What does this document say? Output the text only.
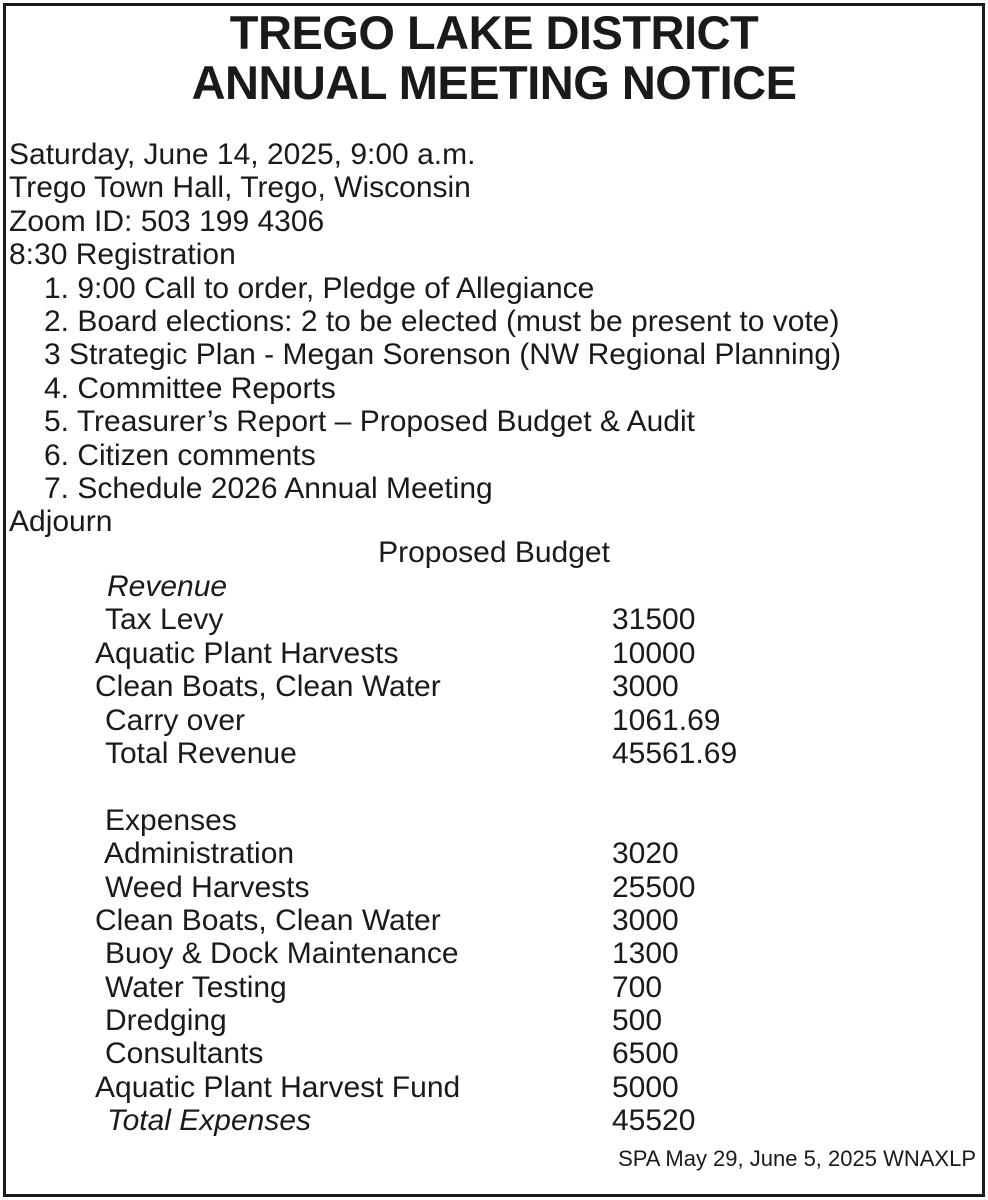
TREGO LAKE DISTRICT
ANNUAL MEETING NOTICE
Saturday, June 14, 2025, 9:00 a.m.
Trego Town Hall, Trego, Wisconsin
Zoom ID: 503 199 4306
8:30 Registration
1. 9:00 Call to order, Pledge of Allegiance
2. Board elections: 2 to be elected (must be present to vote)
3 Strategic Plan - Megan Sorenson (NW Regional Planning)
4. Committee Reports
5. Treasurer’s Report – Proposed Budget & Audit
6. Citizen comments
7. Schedule 2026 Annual Meeting
Adjourn
Proposed Budget
Revenue
Tax Levy	31500
Aquatic Plant Harvests	10000
Clean Boats, Clean Water	3000
Carry over	1061.69
Total Revenue	45561.69
Expenses
Administration	3020
Weed Harvests	25500
Clean Boats, Clean Water	3000
Buoy & Dock Maintenance	1300
Water Testing	700
Dredging	500
Consultants	6500
Aquatic Plant Harvest Fund	5000
Total Expenses	45520
SPA May 29, June 5, 2025 WNAXLP
